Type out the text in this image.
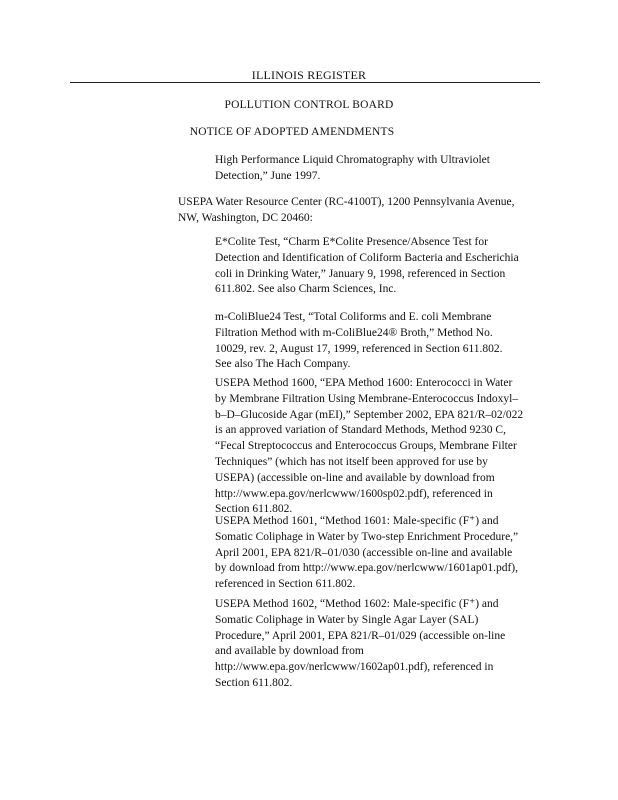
ILLINOIS REGISTER
POLLUTION CONTROL BOARD
NOTICE OF ADOPTED AMENDMENTS
High Performance Liquid Chromatography with Ultraviolet
Detection,” June 1997.
USEPA Water Resource Center (RC-4100T), 1200 Pennsylvania Avenue,
NW, Washington, DC 20460:
E*Colite Test, “Charm E*Colite Presence/Absence Test for
Detection and Identification of Coliform Bacteria and Escherichia
coli in Drinking Water,” January 9, 1998, referenced in Section
611.802. See also Charm Sciences, Inc.
m-ColiBlue24 Test, “Total Coliforms and E. coli Membrane
Filtration Method with m-ColiBlue24® Broth,” Method No.
10029, rev. 2, August 17, 1999, referenced in Section 611.802.
See also The Hach Company.
USEPA Method 1600, “EPA Method 1600: Enterococci in Water
by Membrane Filtration Using Membrane-Enterococcus Indoxyl–
b–D–Glucoside Agar (mEI),” September 2002, EPA 821/R–02/022
is an approved variation of Standard Methods, Method 9230 C,
“Fecal Streptococcus and Enterococcus Groups, Membrane Filter
Techniques” (which has not itself been approved for use by
USEPA) (accessible on-line and available by download from
http://www.epa.gov/nerlcwww/1600sp02.pdf), referenced in
Section 611.802.
USEPA Method 1601, “Method 1601: Male-specific (F⁺) and
Somatic Coliphage in Water by Two-step Enrichment Procedure,”
April 2001, EPA 821/R–01/030 (accessible on-line and available
by download from http://www.epa.gov/nerlcwww/1601ap01.pdf),
referenced in Section 611.802.
USEPA Method 1602, “Method 1602: Male-specific (F⁺) and
Somatic Coliphage in Water by Single Agar Layer (SAL)
Procedure,” April 2001, EPA 821/R–01/029 (accessible on-line
and available by download from
http://www.epa.gov/nerlcwww/1602ap01.pdf), referenced in
Section 611.802.
